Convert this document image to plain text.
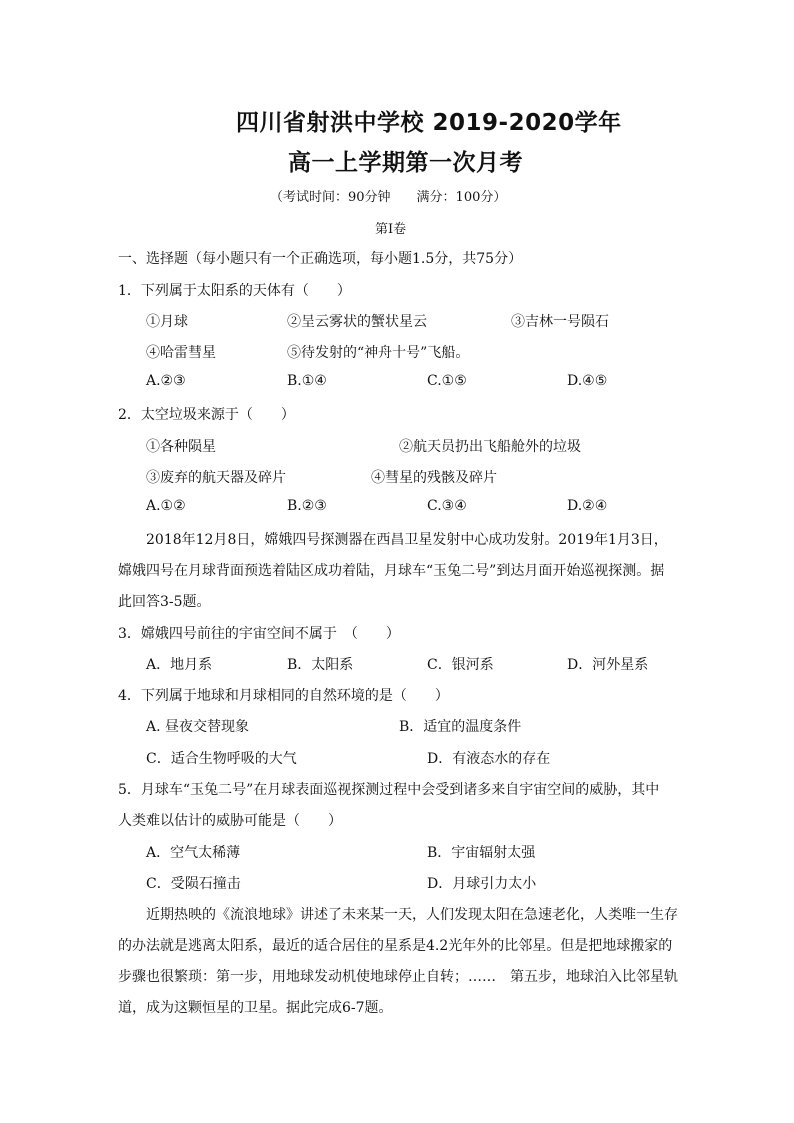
四川省射洪中学校 2019-2020学年
高一上学期第一次月考
（考试时间：90分钟　　满分：100分）
第Ⅰ卷
一、选择题（每小题只有一个正确选项，每小题1.5分，共75分）
1．下列属于太阳系的天体有（　　）
①月球	②呈云雾状的蟹状星云	③吉林一号陨石
④哈雷彗星	⑤待发射的“神舟十号”飞船。
A.②③	B.①④	C.①⑤	D.④⑤
2．太空垃圾来源于（　　）
①各种陨星	②航天员扔出飞船舱外的垃圾
③废弃的航天器及碎片	④彗星的残骸及碎片
A.①②	B.②③	C.③④	D.②④
2018年12月8日，嫦娥四号探测器在西昌卫星发射中心成功发射。2019年1月3日，
嫦娥四号在月球背面预选着陆区成功着陆，月球车“玉兔二号”到达月面开始巡视探测。据
此回答3-5题。
3．嫦娥四号前往的宇宙空间不属于　（　　）
A．地月系	B．太阳系	C．银河系	D．河外星系
4．下列属于地球和月球相同的自然环境的是（　　）
A. 昼夜交替现象	B．适宜的温度条件
C．适合生物呼吸的大气	D．有液态水的存在
5．月球车“玉兔二号”在月球表面巡视探测过程中会受到诸多来自宇宙空间的威胁，其中
人类难以估计的威胁可能是（　　）
A．空气太稀薄	B．宇宙辐射太强
C．受陨石撞击	D．月球引力太小
近期热映的《流浪地球》讲述了未来某一天，人们发现太阳在急速老化，人类唯一生存
的办法就是逃离太阳系，最近的适合居住的星系是4.2光年外的比邻星。但是把地球搬家的
步骤也很繁琐：第一步，用地球发动机使地球停止自转；……　第五步，地球泊入比邻星轨
道，成为这颗恒星的卫星。据此完成6-7题。
